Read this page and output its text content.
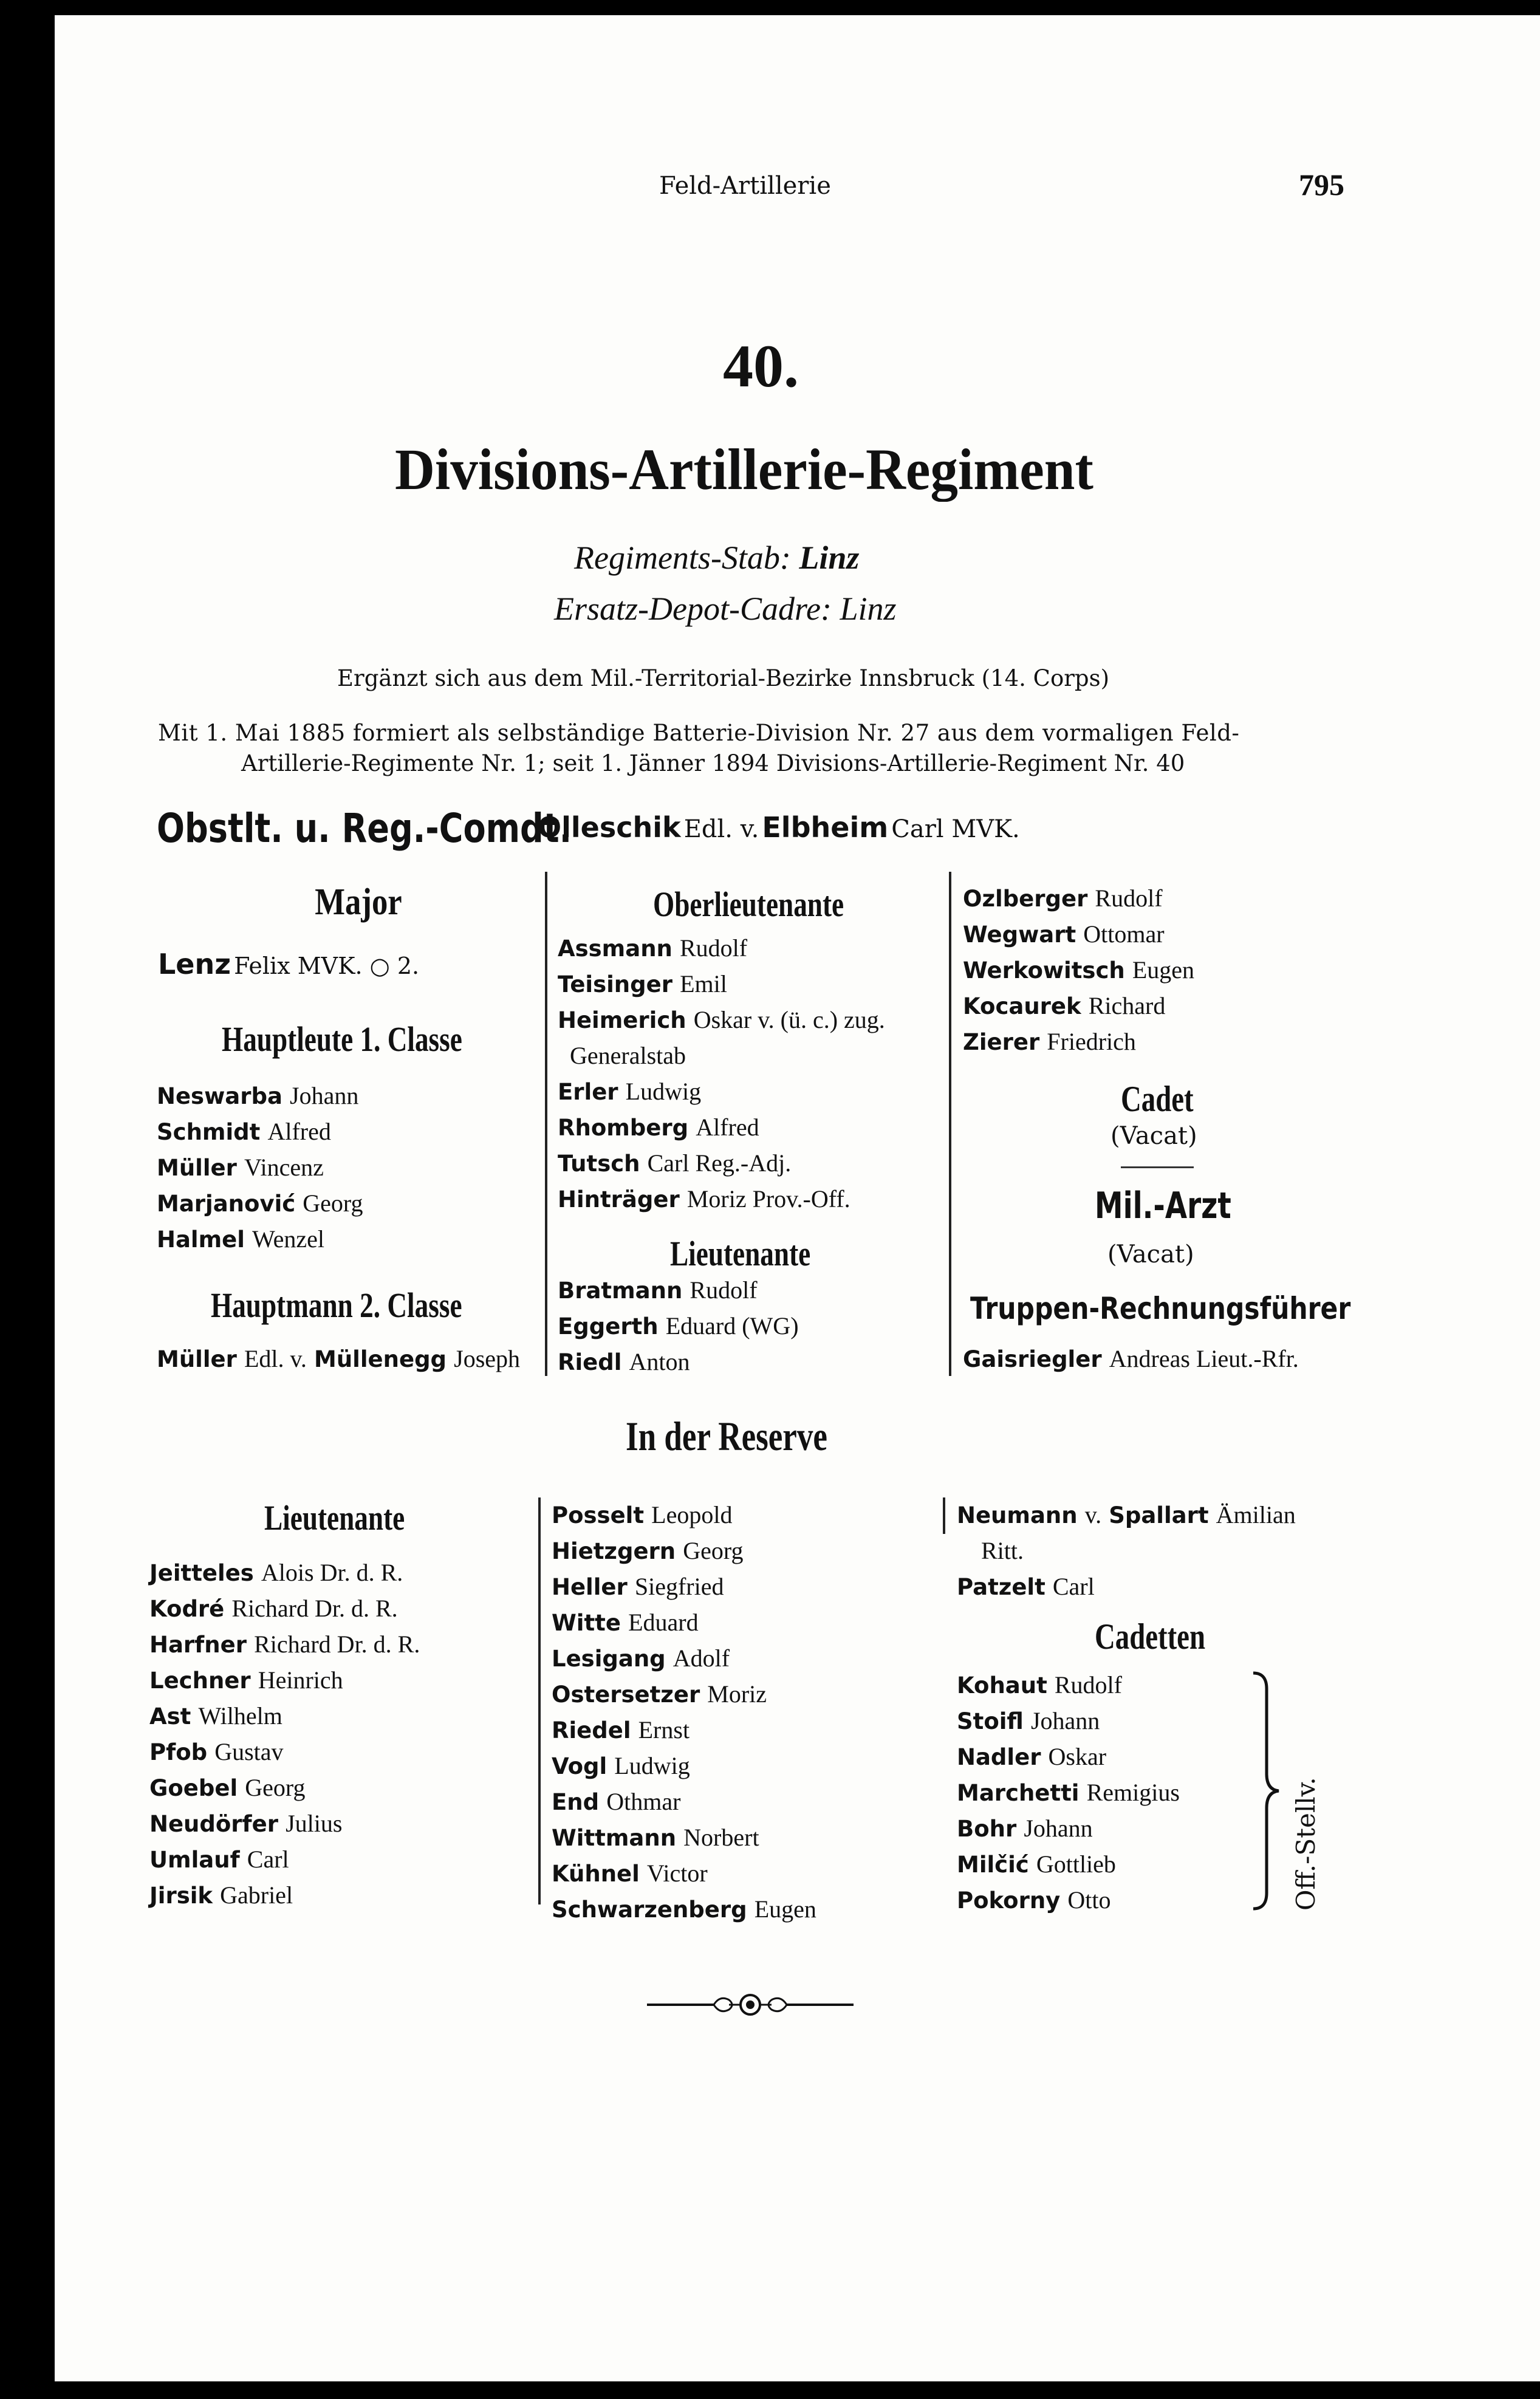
Feld-Artillerie	795
40.
Divisions-Artillerie-Regiment
Regiments-Stab: Linz
Ersatz-Depot-Cadre: Linz
Ergänzt sich aus dem Mil.-Territorial-Bezirke Innsbruck (14. Corps)
Mit 1. Mai 1885 formiert als selbständige Batterie-Division Nr. 27 aus dem vormaligen Feld-
Artillerie-Regimente Nr. 1; seit 1. Jänner 1894 Divisions-Artillerie-Regiment Nr. 40
Obstlt. u. Reg.-Comdt.
Olleschik Edl. v. Elbheim Carl MVK.
Major
Lenz Felix MVK. ○ 2.
Hauptleute 1. Classe
Neswarba Johann
Schmidt Alfred
Müller Vincenz
Marjanović Georg
Halmel Wenzel
Hauptmann 2. Classe
Müller Edl. v. Müllenegg Joseph
Oberlieutenante
Assmann Rudolf
Teisinger Emil
Heimerich Oskar v. (ü. c.) zug.
Generalstab
Erler Ludwig
Rhomberg Alfred
Tutsch Carl Reg.-Adj.
Hinträger Moriz Prov.-Off.
Lieutenante
Bratmann Rudolf
Eggerth Eduard (WG)
Riedl Anton
Ozlberger Rudolf
Wegwart Ottomar
Werkowitsch Eugen
Kocaurek Richard
Zierer Friedrich
Cadet
(Vacat)
Mil.-Arzt
(Vacat)
Truppen-Rechnungsführer
Gaisriegler Andreas Lieut.-Rfr.
In der Reserve
Lieutenante
Jeitteles Alois Dr. d. R.
Kodré Richard Dr. d. R.
Harfner Richard Dr. d. R.
Lechner Heinrich
Ast Wilhelm
Pfob Gustav
Goebel Georg
Neudörfer Julius
Umlauf Carl
Jirsik Gabriel
Posselt Leopold
Hietzgern Georg
Heller Siegfried
Witte Eduard
Lesigang Adolf
Ostersetzer Moriz
Riedel Ernst
Vogl Ludwig
End Othmar
Wittmann Norbert
Kühnel Victor
Schwarzenberg Eugen
Neumann v. Spallart Ämilian
Ritt.
Patzelt Carl
Cadetten
Kohaut Rudolf
Stoifl Johann
Nadler Oskar
Marchetti Remigius
Bohr Johann
Milčić Gottlieb
Pokorny Otto	Off.-Stellv.
